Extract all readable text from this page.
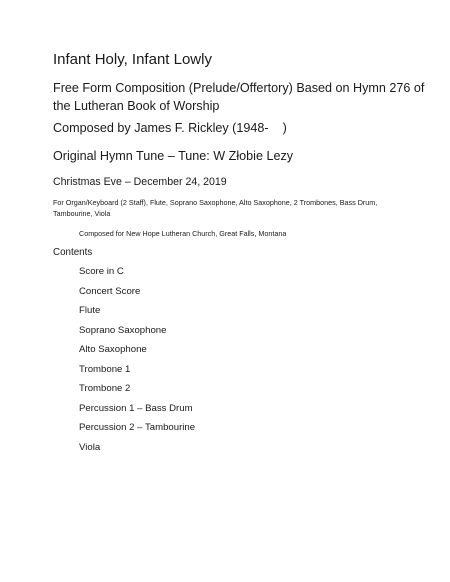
Infant Holy, Infant Lowly
Free Form Composition (Prelude/Offertory) Based on Hymn 276 of the Lutheran Book of Worship
Composed by James F. Rickley (1948-    )
Original Hymn Tune – Tune: W Złobie Lezy
Christmas Eve – December 24, 2019
For Organ/Keyboard (2 Staff), Flute, Soprano Saxophone, Alto Saxophone, 2 Trombones, Bass Drum, Tambourine, Viola
Composed for New Hope Lutheran Church, Great Falls, Montana
Contents
Score in C
Concert Score
Flute
Soprano Saxophone
Alto Saxophone
Trombone 1
Trombone 2
Percussion 1 – Bass Drum
Percussion 2 – Tambourine
Viola
